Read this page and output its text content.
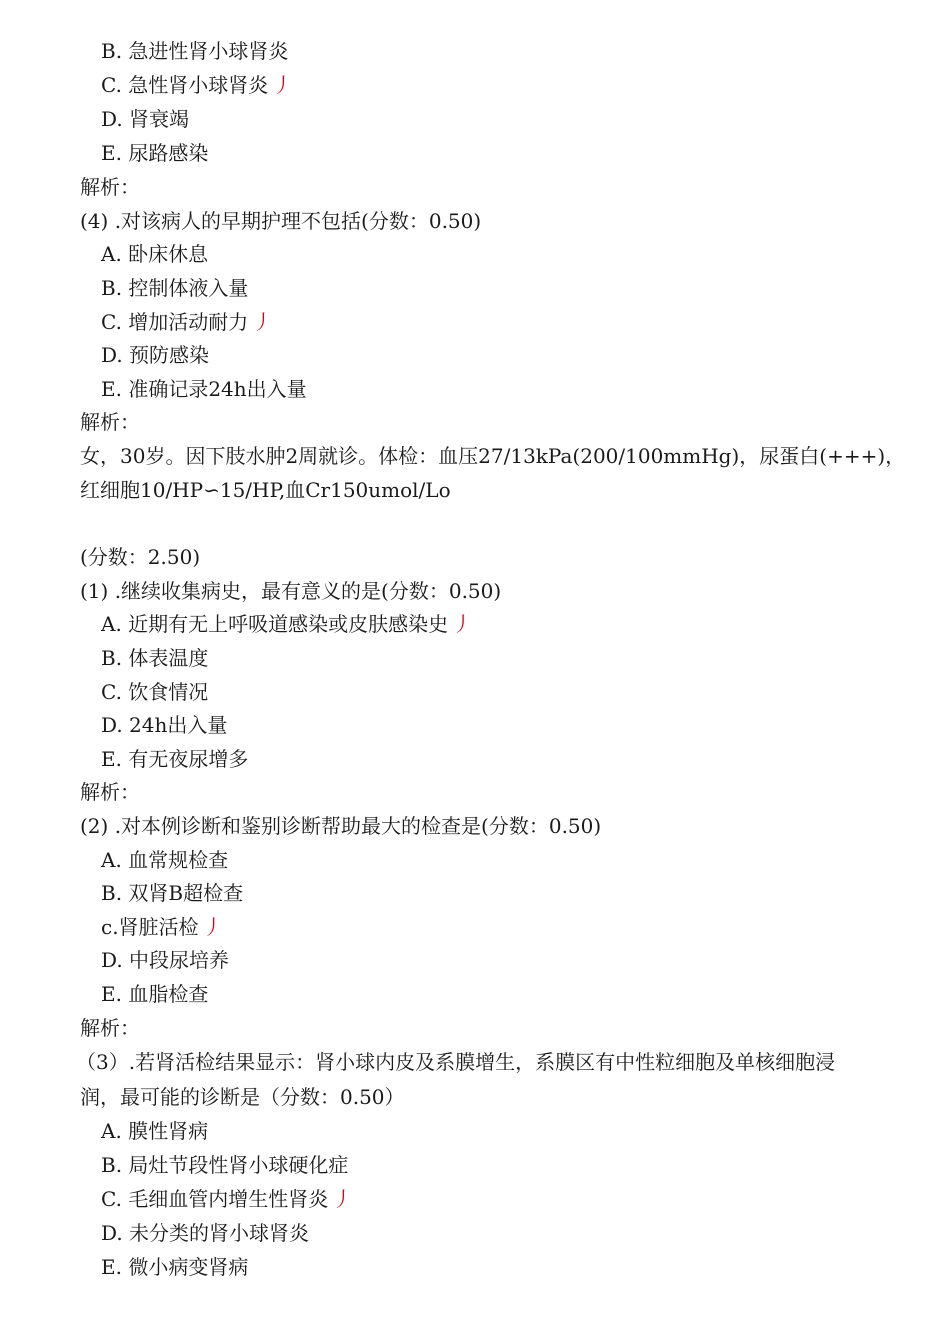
B. 急进性肾小球肾炎
C. 急性肾小球肾炎 丿
D. 肾衰竭
E. 尿路感染
解析：
(4) .对该病人的早期护理不包括(分数：0.50)
A. 卧床休息
B. 控制体液入量
C. 增加活动耐力 丿
D. 预防感染
E. 准确记录24h出入量
解析：
女，30岁。因下肢水肿2周就诊。体检：血压27/13kPa(200/100mmHg)，尿蛋白(+++)，
红细胞10/HP∽15/HP,血Cr150umol/Lo
(分数：2.50)
(1) .继续收集病史，最有意义的是(分数：0.50)
A. 近期有无上呼吸道感染或皮肤感染史 丿
B. 体表温度
C. 饮食情况
D. 24h出入量
E. 有无夜尿增多
解析：
(2) .对本例诊断和鉴别诊断帮助最大的检查是(分数：0.50)
A. 血常规检查
B. 双肾B超检查
c.肾脏活检 丿
D. 中段尿培养
E. 血脂检查
解析：
（3）.若肾活检结果显示：肾小球内皮及系膜增生，系膜区有中性粒细胞及单核细胞浸
润，最可能的诊断是（分数：0.50）
A. 膜性肾病
B. 局灶节段性肾小球硬化症
C. 毛细血管内增生性肾炎 丿
D. 未分类的肾小球肾炎
E. 微小病变肾病
